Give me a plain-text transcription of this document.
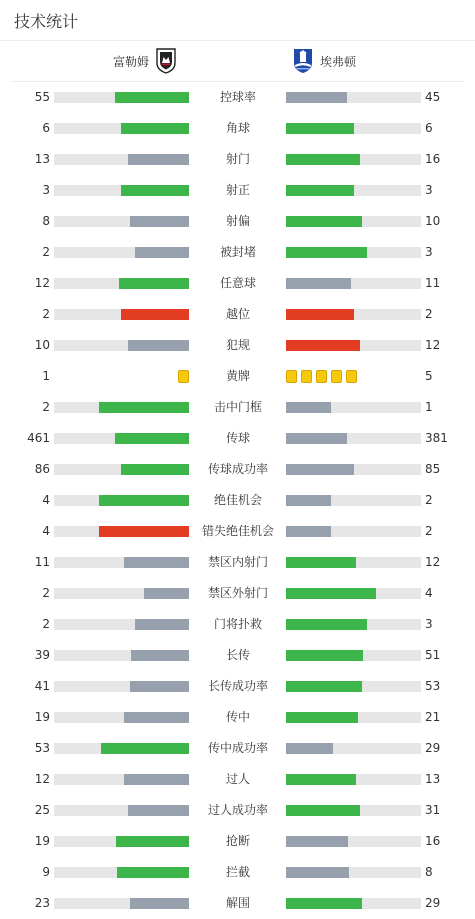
技术统计
富勒姆	埃弗顿
55	控球率	45
6	角球	6
13	射门	16
3	射正	3
8	射偏	10
2	被封堵	3
12	任意球	11
2	越位	2
10	犯规	12
1	黄牌	5
2	击中门框	1
461	传球	381
86	传球成功率	85
4	绝佳机会	2
4	错失绝佳机会	2
11	禁区内射门	12
2	禁区外射门	4
2	门将扑救	3
39	长传	51
41	长传成功率	53
19	传中	21
53	传中成功率	29
12	过人	13
25	过人成功率	31
19	抢断	16
9	拦截	8
23	解围	29
